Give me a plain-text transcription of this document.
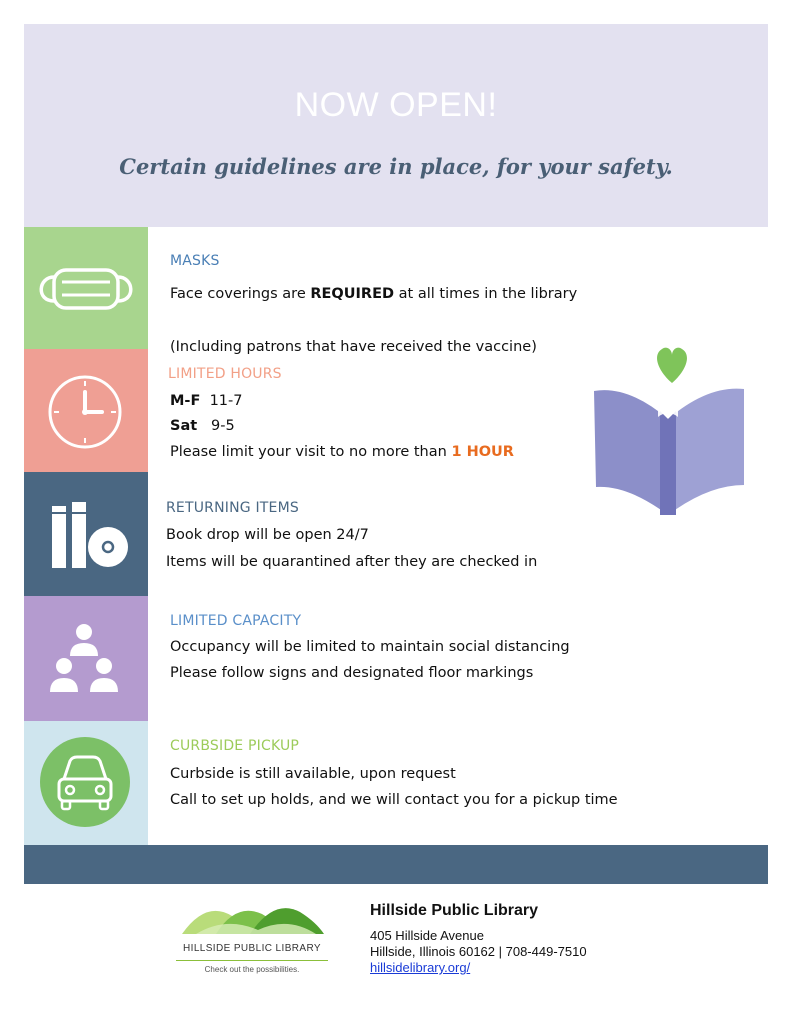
NOW OPEN!
Certain guidelines are in place, for your safety.
MASKS
Face coverings are REQUIRED at all times in the library
(Including patrons that have received the vaccine)
LIMITED HOURS
M-F 11-7
Sat 9-5
Please limit your visit to no more than 1 HOUR
RETURNING ITEMS
Book drop will be open 24/7
Items will be quarantined after they are checked in
LIMITED CAPACITY
Occupancy will be limited to maintain social distancing
Please follow signs and designated floor markings
CURBSIDE PICKUP
Curbside is still available, upon request
Call to set up holds, and we will contact you for a pickup time
HILLSIDE PUBLIC LIBRARY
Check out the possibilities.
Hillside Public Library
405 Hillside Avenue
Hillside, Illinois 60162 | 708-449-7510
hillsidelibrary.org/
